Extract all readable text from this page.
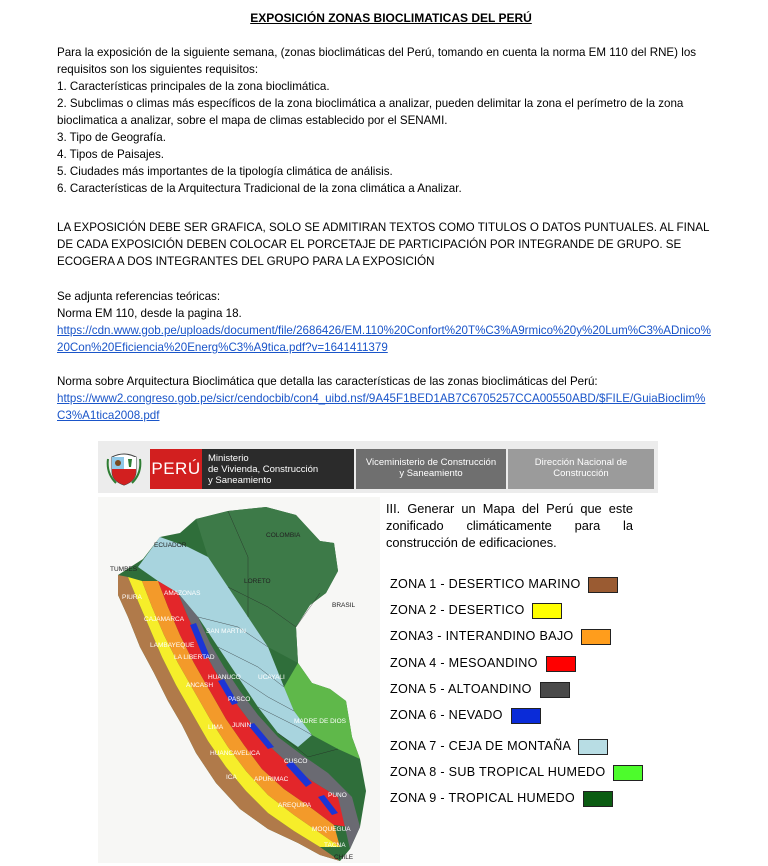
EXPOSICIÓN ZONAS BIOCLIMATICAS DEL PERÚ

Para la exposición de la siguiente semana, (zonas bioclimáticas del Perú, tomando en cuenta la norma EM 110 del RNE) los requisitos son los siguientes requisitos:

1. Características principales de la zona bioclimática.
2. Subclimas o climas más específicos de la zona bioclimática a analizar, pueden delimitar la zona el perímetro de la zona bioclimatica a analizar, sobre el mapa de climas establecido por el SENAMI.
3. Tipo de Geografía.
4. Tipos de Paisajes.
5. Ciudades más importantes de la tipología climática de análisis.
6. Características de la Arquitectura Tradicional de la zona climática a Analizar.

LA EXPOSICIÓN DEBE SER GRAFICA, SOLO SE ADMITIRAN TEXTOS COMO TITULOS O DATOS PUNTUALES. AL FINAL DE CADA EXPOSICIÓN DEBEN COLOCAR EL PORCETAJE DE PARTICIPACIÓN POR INTEGRANDE DE GRUPO. SE ECOGERA A DOS INTEGRANTES DEL GRUPO PARA LA EXPOSICIÓN

Se adjunta referencias teóricas:
Norma EM 110, desde la pagina 18.
https://cdn.www.gob.pe/uploads/document/file/2686426/EM.110%20Confort%20T%C3%A9rmico%20y%20Lum%C3%ADnico%
20Con%20Eficiencia%20Energ%C3%A9tica.pdf?v=1641411379
Norma sobre Arquitectura Bioclimática que detalla las características de las zonas bioclimáticas del Perú:
https://www2.congreso.gob.pe/sicr/cendocbib/con4_uibd.nsf/9A45F1BED1AB7C6705257CCA00550ABD/$FILE/GuiaBioclim%
C3%A1tica2008.pdf
PERÚ
Ministerio
de Vivienda, Construcción
y Saneamiento
Viceministerio de Construcción
y Saneamiento
Dirección Nacional de
Construcción
ECUADOR
COLOMBIA
LORETO
BRASIL
TUMBES
PIURA
AMAZONAS
CAJAMARCA
SAN MARTIN
LAMBAYEQUE
LA LIBERTAD
ANCASH
HUANUCO	UCAYALI
PASCO
LIMA JUNIN
MADRE DE DIOS
HUANCAVELICA
CUSCO
ICA	APURIMAC
PUNO
AREQUIPA
MOQUEGUA
TACNA
CHILE
III. Generar un Mapa del Perú que este zonificado climáticamente para la construcción de edificaciones.
ZONA 1 - DESERTICO MARINO
ZONA 2 - DESERTICO
ZONA3 - INTERANDINO BAJO
ZONA 4 - MESOANDINO
ZONA 5 - ALTOANDINO
ZONA 6 - NEVADO
ZONA 7 - CEJA DE MONTAÑA
ZONA 8 - SUB TROPICAL HUMEDO
ZONA 9 - TROPICAL HUMEDO
